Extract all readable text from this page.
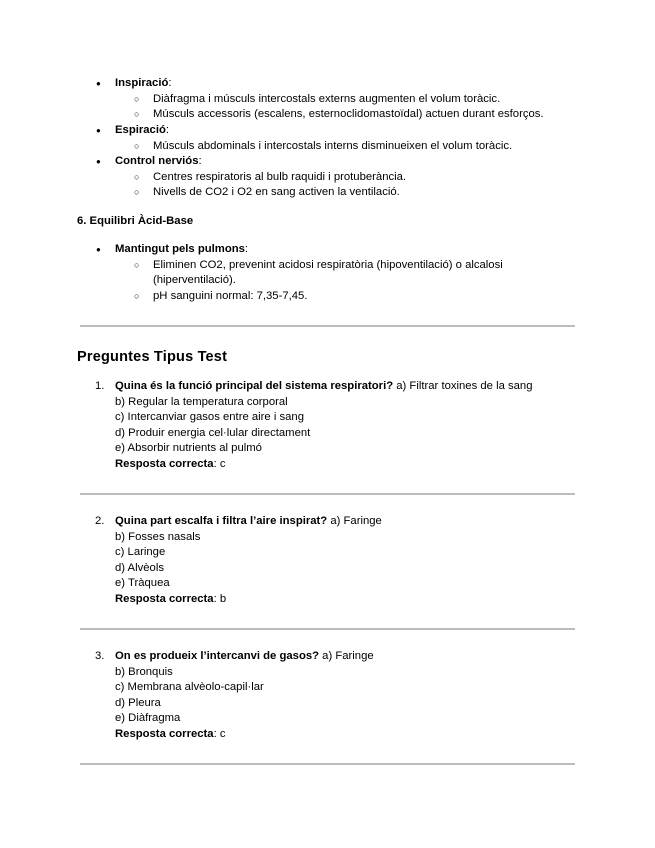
● Inspiració:
○ Diàfragma i músculs intercostals externs augmenten el volum toràcic.
○ Músculs accessoris (escalens, esternoclidomastoïdal) actuen durant esforços.
● Espiració:
○ Músculs abdominals i intercostals interns disminueixen el volum toràcic.
● Control nerviós:
○ Centres respiratoris al bulb raquidi i protuberància.
○ Nivells de CO2 i O2 en sang activen la ventilació.
6. Equilibri Àcid-Base
● Mantingut pels pulmons:
○ Eliminen CO2, prevenint acidosi respiratòria (hipoventilació) o alcalosi
(hiperventilació).
○ pH sanguini normal: 7,35-7,45.
Preguntes Tipus Test
1. Quina és la funció principal del sistema respiratori? a) Filtrar toxines de la sang
b) Regular la temperatura corporal
c) Intercanviar gasos entre aire i sang
d) Produir energia cel·lular directament
e) Absorbir nutrients al pulmó
Resposta correcta: c
2. Quina part escalfa i filtra l’aire inspirat? a) Faringe
b) Fosses nasals
c) Laringe
d) Alvèols
e) Tràquea
Resposta correcta: b
3. On es produeix l’intercanvi de gasos? a) Faringe
b) Bronquis
c) Membrana alvèolo-capil·lar
d) Pleura
e) Diàfragma
Resposta correcta: c
